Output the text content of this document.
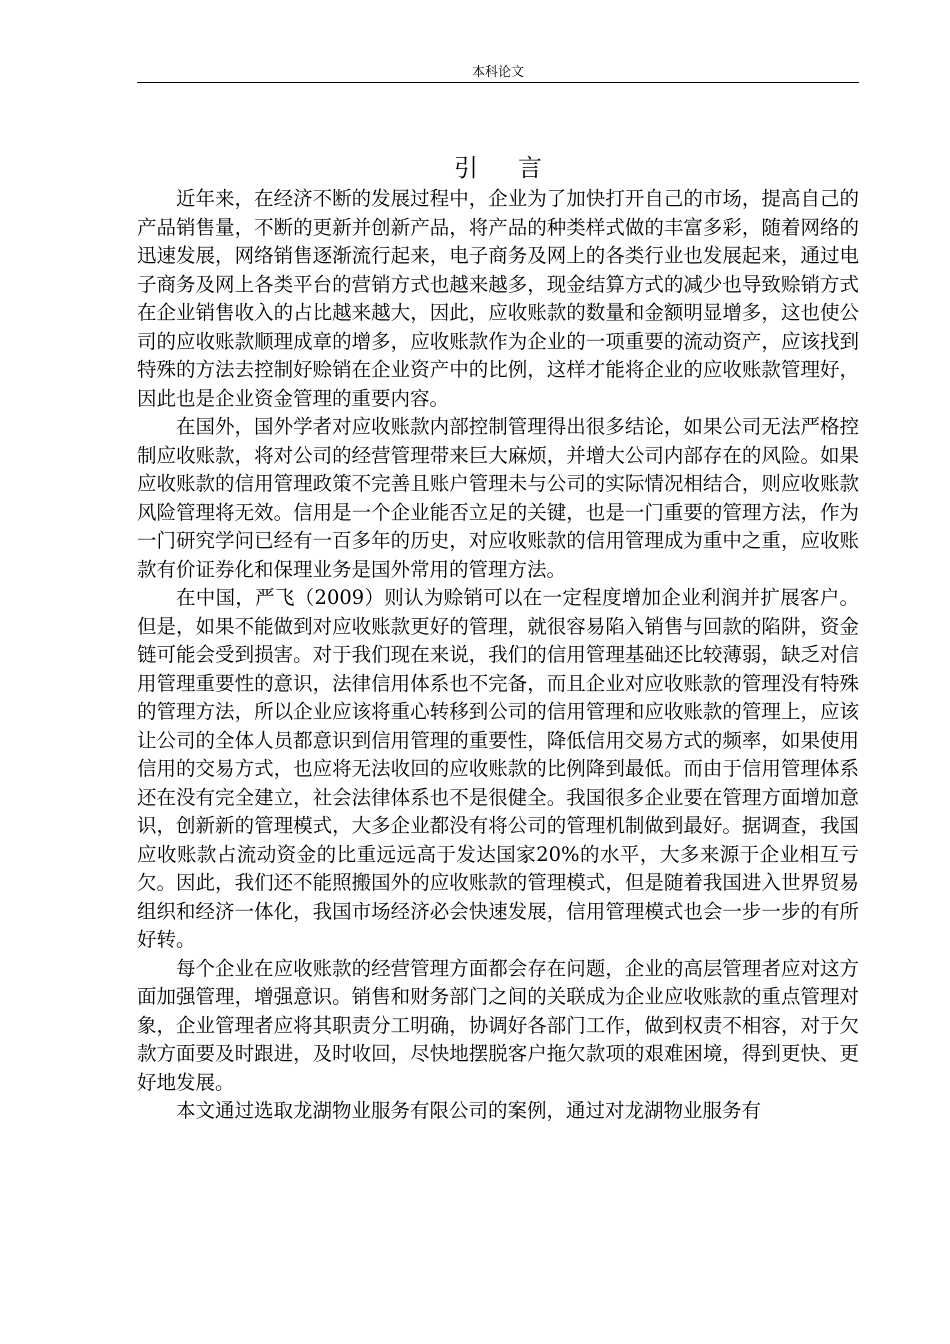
本科论文
引言

近年来，在经济不断的发展过程中，企业为了加快打开自己的市场，提高自己的产品销售量，不断的更新并创新产品，将产品的种类样式做的丰富多彩，随着网络的迅速发展，网络销售逐渐流行起来，电子商务及网上的各类行业也发展起来，通过电子商务及网上各类平台的营销方式也越来越多，现金结算方式的减少也导致赊销方式在企业销售收入的占比越来越大，因此，应收账款的数量和金额明显增多，这也使公司的应收账款顺理成章的增多，应收账款作为企业的一项重要的流动资产，应该找到特殊的方法去控制好赊销在企业资产中的比例，这样才能将企业的应收账款管理好，因此也是企业资金管理的重要内容。

在国外，国外学者对应收账款内部控制管理得出很多结论，如果公司无法严格控制应收账款，将对公司的经营管理带来巨大麻烦，并增大公司内部存在的风险。如果应收账款的信用管理政策不完善且账户管理未与公司的实际情况相结合，则应收账款风险管理将无效。信用是一个企业能否立足的关键，也是一门重要的管理方法，作为一门研究学问已经有一百多年的历史，对应收账款的信用管理成为重中之重，应收账款有价证券化和保理业务是国外常用的管理方法。

在中国，严飞（2009）则认为赊销可以在一定程度增加企业利润并扩展客户。但是，如果不能做到对应收账款更好的管理，就很容易陷入销售与回款的陷阱，资金链可能会受到损害。对于我们现在来说，我们的信用管理基础还比较薄弱，缺乏对信用管理重要性的意识，法律信用体系也不完备，而且企业对应收账款的管理没有特殊的管理方法，所以企业应该将重心转移到公司的信用管理和应收账款的管理上，应该让公司的全体人员都意识到信用管理的重要性，降低信用交易方式的频率，如果使用信用的交易方式，也应将无法收回的应收账款的比例降到最低。而由于信用管理体系还在没有完全建立，社会法律体系也不是很健全。我国很多企业要在管理方面增加意识，创新新的管理模式，大多企业都没有将公司的管理机制做到最好。据调查，我国应收账款占流动资金的比重远远高于发达国家20%的水平，大多来源于企业相互亏欠。因此，我们还不能照搬国外的应收账款的管理模式，但是随着我国进入世界贸易组织和经济一体化，我国市场经济必会快速发展，信用管理模式也会一步一步的有所好转。

每个企业在应收账款的经营管理方面都会存在问题，企业的高层管理者应对这方面加强管理，增强意识。销售和财务部门之间的关联成为企业应收账款的重点管理对象，企业管理者应将其职责分工明确，协调好各部门工作，做到权责不相容，对于欠款方面要及时跟进，及时收回，尽快地摆脱客户拖欠款项的艰难困境，得到更快、更好地发展。

本文通过选取龙湖物业服务有限公司的案例，通过对龙湖物业服务有
